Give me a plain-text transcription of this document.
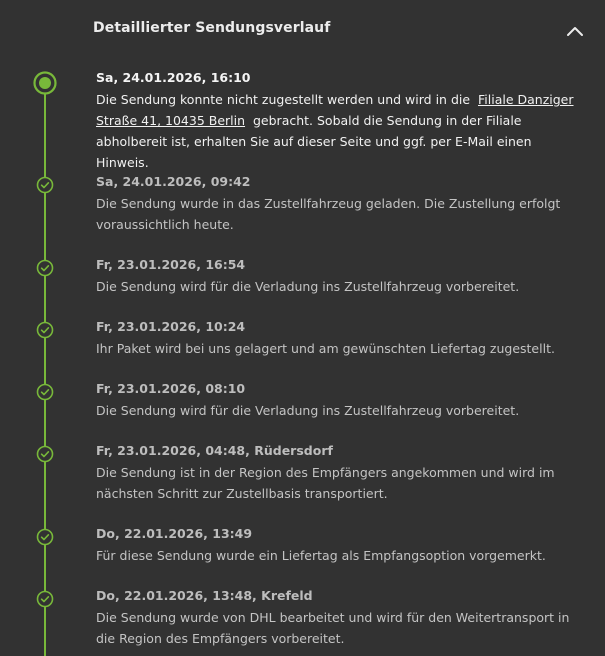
Detaillierter Sendungsverlauf
Sa, 24.01.2026, 16:10
Die Sendung konnte nicht zugestellt werden und wird in die Filiale Danziger Straße 41, 10435 Berlin gebracht. Sobald die Sendung in der Filiale abholbereit ist, erhalten Sie auf dieser Seite und ggf. per E-Mail einen Hinweis.
Sa, 24.01.2026, 09:42
Die Sendung wurde in das Zustellfahrzeug geladen. Die Zustellung erfolgt voraussichtlich heute.
Fr, 23.01.2026, 16:54
Die Sendung wird für die Verladung ins Zustellfahrzeug vorbereitet.
Fr, 23.01.2026, 10:24
Ihr Paket wird bei uns gelagert und am gewünschten Liefertag zugestellt.
Fr, 23.01.2026, 08:10
Die Sendung wird für die Verladung ins Zustellfahrzeug vorbereitet.
Fr, 23.01.2026, 04:48, Rüdersdorf
Die Sendung ist in der Region des Empfängers angekommen und wird im nächsten Schritt zur Zustellbasis transportiert.
Do, 22.01.2026, 13:49
Für diese Sendung wurde ein Liefertag als Empfangsoption vorgemerkt.
Do, 22.01.2026, 13:48, Krefeld
Die Sendung wurde von DHL bearbeitet und wird für den Weitertransport in die Region des Empfängers vorbereitet.
